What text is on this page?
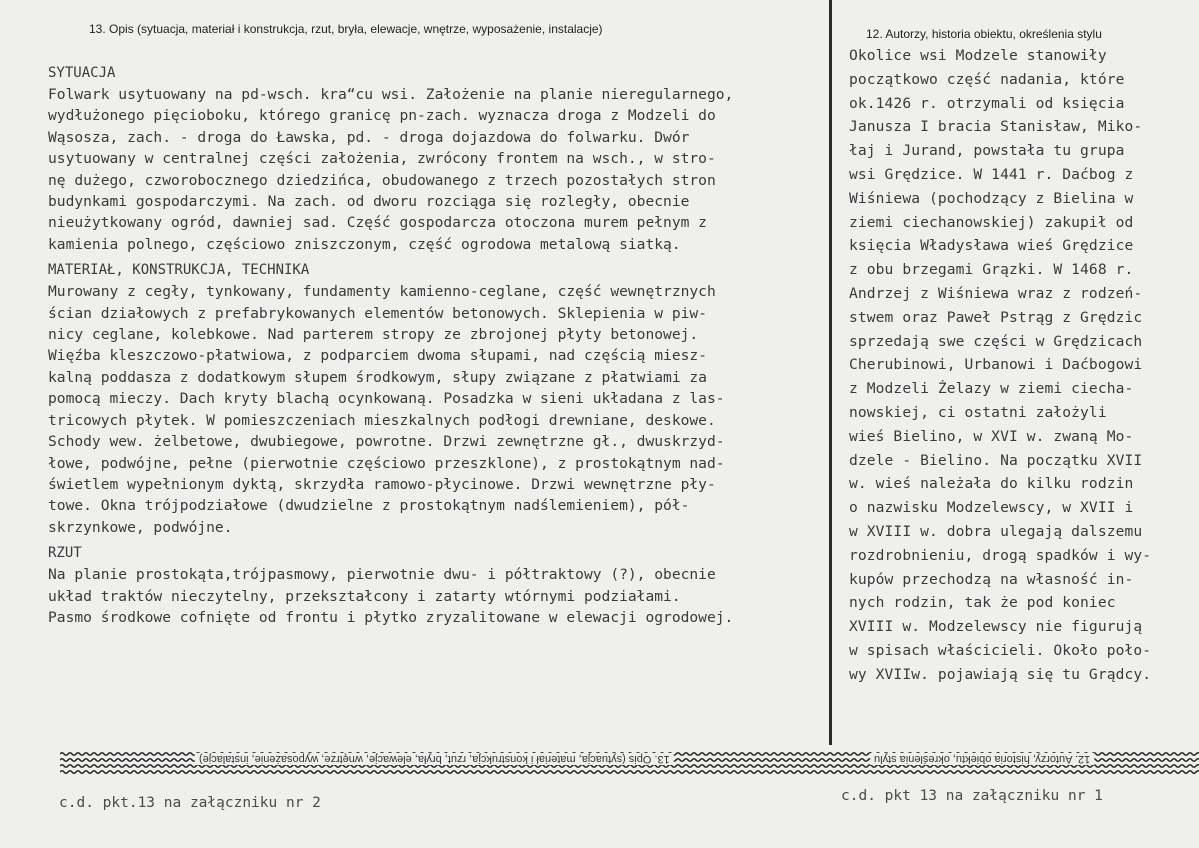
13. Opis (sytuacja, materiał i konstrukcja, rzut, bryła, elewacje, wnętrze, wyposażenie, instalacje)	12. Autorzy, historia obiektu, określenia stylu
SYTUACJA
Folwark usytuowany na pd-wsch. kra“cu wsi. Założenie na planie nieregularnego,
wydłużonego pięcioboku, którego granicę pn-zach. wyznacza droga z Modzeli do
Wąsosza, zach. - droga do Ławska, pd. - droga dojazdowa do folwarku. Dwór
usytuowany w centralnej części założenia, zwrócony frontem na wsch., w stro-
nę dużego, czworobocznego dziedzińca, obudowanego z trzech pozostałych stron
budynkami gospodarczymi. Na zach. od dworu rozciąga się rozległy, obecnie
nieużytkowany ogród, dawniej sad. Część gospodarcza otoczona murem pełnym z
kamienia polnego, częściowo zniszczonym, część ogrodowa metalową siatką.
MATERIAŁ, KONSTRUKCJA, TECHNIKA
Murowany z cegły, tynkowany, fundamenty kamienno-ceglane, część wewnętrznych
ścian działowych z prefabrykowanych elementów betonowych. Sklepienia w piw-
nicy ceglane, kolebkowe. Nad parterem stropy ze zbrojonej płyty betonowej.
Więźba kleszczowo-płatwiowa, z podparciem dwoma słupami, nad częścią miesz-
kalną poddasza z dodatkowym słupem środkowym, słupy związane z płatwiami za
pomocą mieczy. Dach kryty blachą ocynkowaną. Posadzka w sieni układana z las-
tricowych płytek. W pomieszczeniach mieszkalnych podłogi drewniane, deskowe.
Schody wew. żelbetowe, dwubiegowe, powrotne. Drzwi zewnętrzne gł., dwuskrzyd-
łowe, podwójne, pełne (pierwotnie częściowo przeszklone), z prostokątnym nad-
świetlem wypełnionym dyktą, skrzydła ramowo-płycinowe. Drzwi wewnętrzne pły-
towe. Okna trójpodziałowe (dwudzielne z prostokątnym nadślemieniem), pół-
skrzynkowe, podwójne.
RZUT
Na planie prostokąta,trójpasmowy, pierwotnie dwu- i półtraktowy (?), obecnie
układ traktów nieczytelny, przekształcony i zatarty wtórnymi podziałami.
Pasmo środkowe cofnięte od frontu i płytko zryzalitowane w elewacji ogrodowej.
Okolice wsi Modzele stanowiły
początkowo część nadania, które
ok.1426 r. otrzymali od księcia
Janusza I bracia Stanisław, Miko-
łaj i Jurand, powstała tu grupa
wsi Grędzice. W 1441 r. Daćbog z
Wiśniewa (pochodzący z Bielina w
ziemi ciechanowskiej) zakupił od
księcia Władysława wieś Grędzice
z obu brzegami Grązki. W 1468 r.
Andrzej z Wiśniewa wraz z rodzeń-
stwem oraz Paweł Pstrąg z Grędzic
sprzedają swe części w Grędzicach
Cherubinowi, Urbanowi i Daćbogowi
z Modzeli Żelazy w ziemi ciecha-
nowskiej, ci ostatni założyli
wieś Bielino, w XVI w. zwaną Mo-
dzele - Bielino. Na początku XVII
w. wieś należała do kilku rodzin
o nazwisku Modzelewscy, w XVII i
w XVIII w. dobra ulegają dalszemu
rozdrobnieniu, drogą spadków i wy-
kupów przechodzą na własność in-
nych rodzin, tak że pod koniec
XVIII w. Modzelewscy nie figurują
w spisach właścicieli. Około poło-
wy XVIIw. pojawiają się tu Grądcy.
13. Opis (sytuacja, materiał i konstrukcja, rzut, bryła, elewacje, wnętrze, wyposażenie, instalacje)	12. Autorzy, historia obiektu, określenia stylu
c.d. pkt.13 na załączniku nr 2	c.d. pkt 13 na załączniku nr 1
